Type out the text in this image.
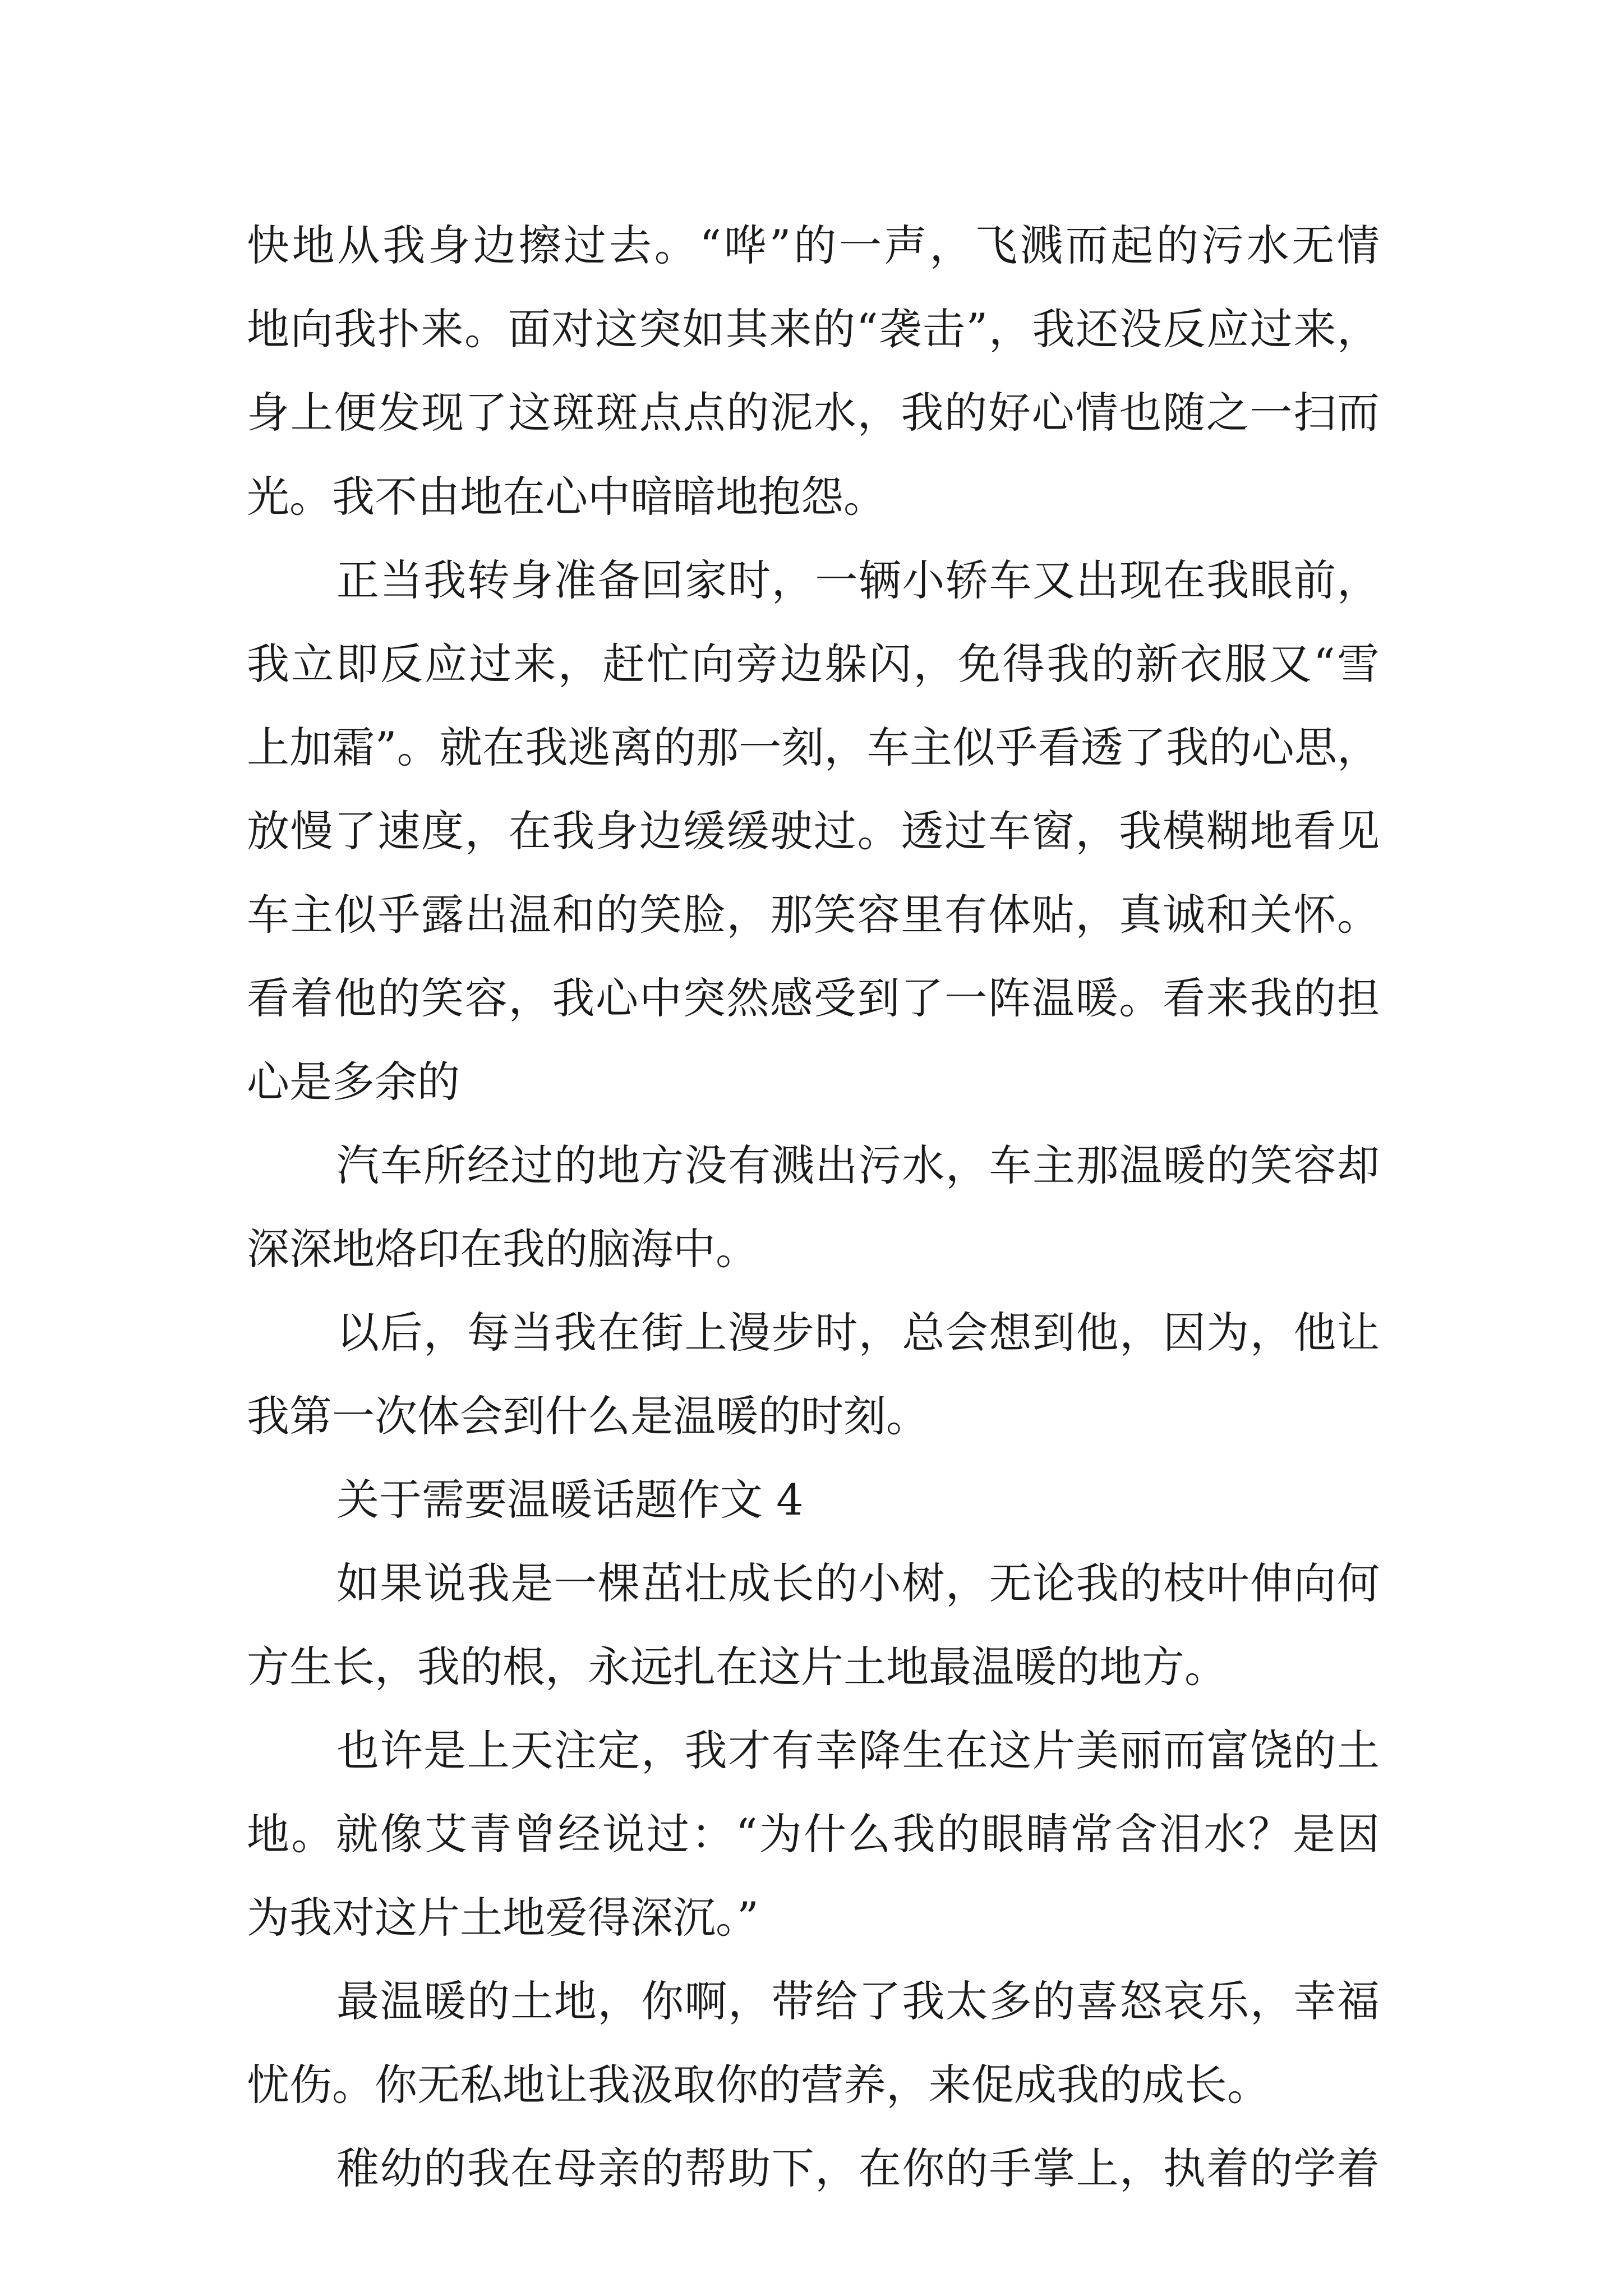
快地从我身边擦过去。“哗”的一声，飞溅而起的污水无情

地向我扑来。面对这突如其来的“袭击”，我还没反应过来，

身上便发现了这斑斑点点的泥水，我的好心情也随之一扫而

光。我不由地在心中暗暗地抱怨。

正当我转身准备回家时，一辆小轿车又出现在我眼前，

我立即反应过来，赶忙向旁边躲闪，免得我的新衣服又“雪

上加霜”。就在我逃离的那一刻，车主似乎看透了我的心思，

放慢了速度，在我身边缓缓驶过。透过车窗，我模糊地看见

车主似乎露出温和的笑脸，那笑容里有体贴，真诚和关怀。

看着他的笑容，我心中突然感受到了一阵温暖。看来我的担

心是多余的

汽车所经过的地方没有溅出污水，车主那温暖的笑容却

深深地烙印在我的脑海中。

以后，每当我在街上漫步时，总会想到他，因为，他让

我第一次体会到什么是温暖的时刻。

关于需要温暖话题作文 4

如果说我是一棵茁壮成长的小树，无论我的枝叶伸向何

方生长，我的根，永远扎在这片土地最温暖的地方。

也许是上天注定，我才有幸降生在这片美丽而富饶的土

地。就像艾青曾经说过：“为什么我的眼睛常含泪水？是因

为我对这片土地爱得深沉。”

最温暖的土地，你啊，带给了我太多的喜怒哀乐，幸福

忧伤。你无私地让我汲取你的营养，来促成我的成长。

稚幼的我在母亲的帮助下，在你的手掌上，执着的学着
